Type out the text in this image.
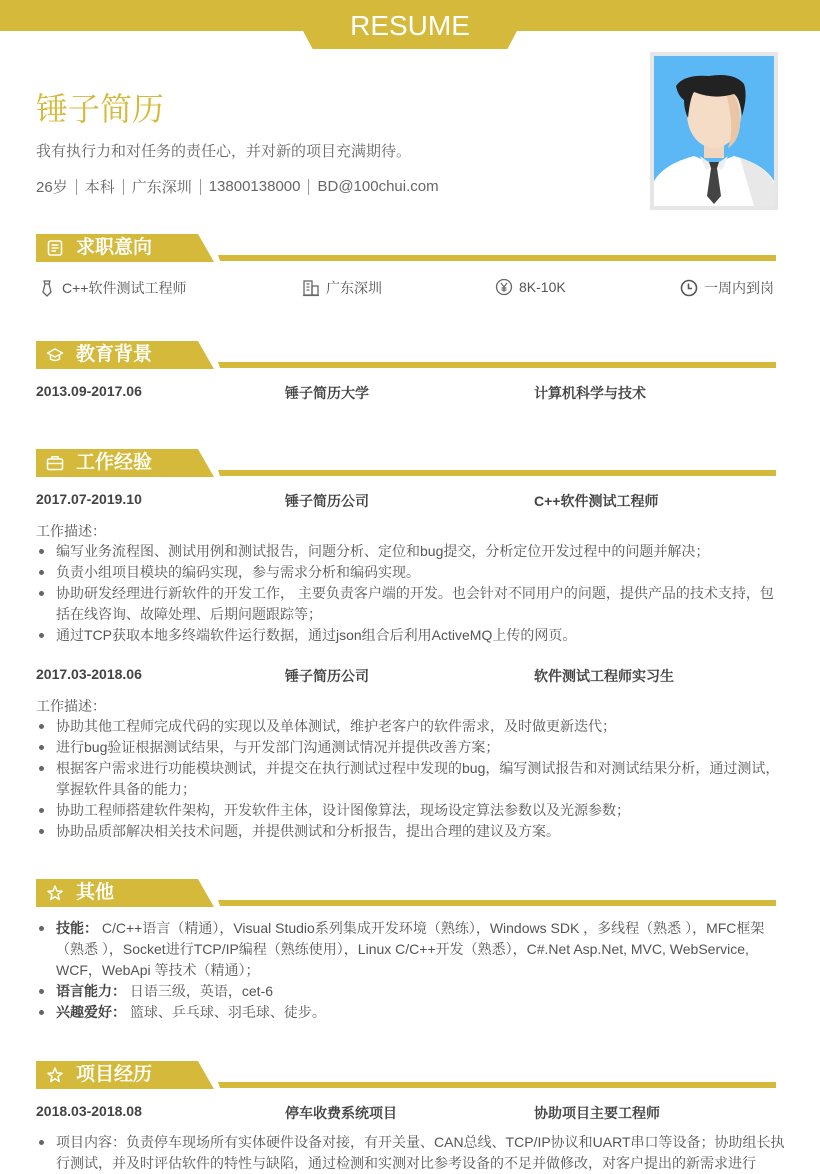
RESUME
锤子简历
我有执行力和对任务的责任心，并对新的项目充满期待。
26岁 本科 广东深圳 13800138000 BD@100chui.com
求职意向
C++软件测试工程师	广东深圳	8K-10K	一周内到岗
教育背景
2013.09-2017.06	锤子简历大学	计算机科学与技术
工作经验
2017.07-2019.10	锤子简历公司	C++软件测试工程师
工作描述：
编写业务流程图、测试用例和测试报告，问题分析、定位和bug提交，分析定位开发过程中的问题并解决；
负责小组项目模块的编码实现，参与需求分析和编码实现。
协助研发经理进行新软件的开发工作， 主要负责客户端的开发。也会针对不同用户的问题，提供产品的技术支持，包括在线咨询、故障处理、后期问题跟踪等；
通过TCP获取本地多终端软件运行数据，通过json组合后利用ActiveMQ上传的网页。
2017.03-2018.06	锤子简历公司	软件测试工程师实习生
工作描述：
协助其他工程师完成代码的实现以及单体测试，维护老客户的软件需求，及时做更新迭代；
进行bug验证根据测试结果，与开发部门沟通测试情况并提供改善方案；
根据客户需求进行功能模块测试，并提交在执行测试过程中发现的bug，编写测试报告和对测试结果分析，通过测试，掌握软件具备的能力；
协助工程师搭建软件架构，开发软件主体，设计图像算法，现场设定算法参数以及光源参数；
协助品质部解决相关技术问题，并提供测试和分析报告，提出合理的建议及方案。
其他
技能： C/C++语言（精通），Visual Studio系列集成开发环境（熟练），Windows SDK ，多线程（熟悉 ），MFC框架（熟悉 ），Socket进行TCP/IP编程（熟练使用），Linux C/C++开发（熟悉），C#.Net Asp.Net, MVC, WebService, WCF，WebApi 等技术（精通）；
语言能力： 日语三级，英语，cet-6
兴趣爱好： 篮球、乒乓球、羽毛球、徒步。
项目经历
2018.03-2018.08	停车收费系统项目	协助项目主要工程师
项目内容：负责停车现场所有实体硬件设备对接，有开关量、CAN总线、TCP/IP协议和UART串口等设备；协助组长执行测试，并及时评估软件的特性与缺陷，通过检测和实测对比参考设备的不足并做修改，对客户提出的新需求进行
